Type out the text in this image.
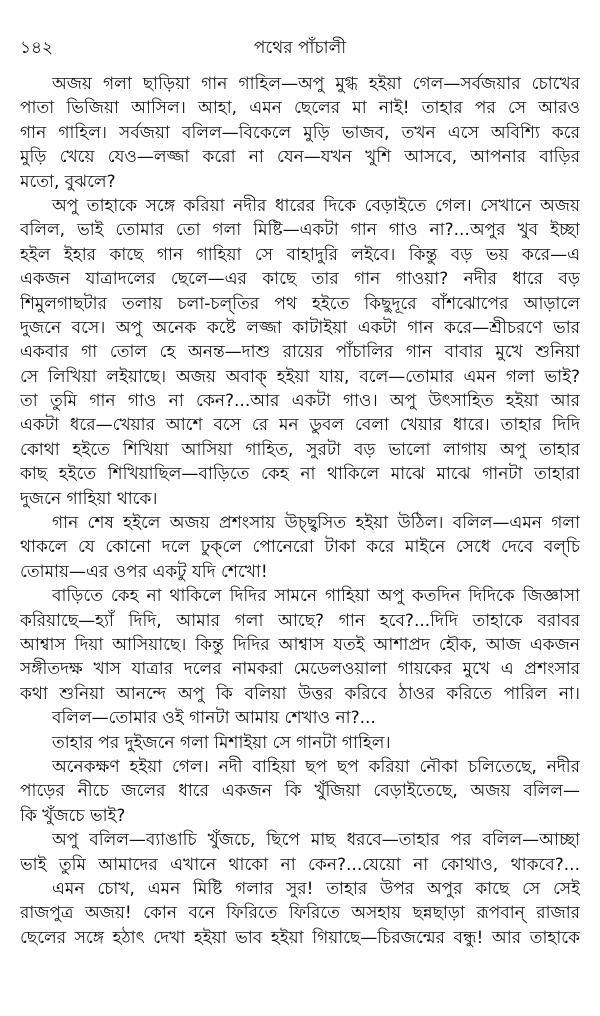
১৪২	পথের পাঁচালী
অজয় গলা ছাড়িয়া গান গাহিল—অপু মুগ্ধ হইয়া গেল—সর্বজয়ার চোখের
পাতা ভিজিয়া আসিল। আহা, এমন ছেলের মা নাই! তাহার পর সে আরও
গান গাহিল। সর্বজয়া বলিল—বিকেলে মুড়ি ভাজব, তখন এসে অবিশ্যি করে
মুড়ি খেয়ে যেও—লজ্জা করো না যেন—যখন খুশি আসবে, আপনার বাড়ির
মতো, বুঝলে?
অপু তাহাকে সঙ্গে করিয়া নদীর ধারের দিকে বেড়াইতে গেল। সেখানে অজয়
বলিল, ভাই তোমার তো গলা মিষ্টি—একটা গান গাও না?...অপুর খুব ইচ্ছা
হইল ইহার কাছে গান গাহিয়া সে বাহাদুরি লইবে। কিন্তু বড় ভয় করে—এ
একজন যাত্রাদলের ছেলে—এর কাছে তার গান গাওয়া? নদীর ধারে বড়
শিমুলগাছটার তলায় চলা-চল্‌তির পথ হইতে কিছুদূরে বাঁশঝোপের আড়ালে
দুজনে বসে। অপু অনেক কষ্টে লজ্জা কাটাইয়া একটা গান করে—শ্রীচরণে ভার
একবার গা তোল হে অনন্ত—দাশু রায়ের পাঁচালির গান বাবার মুখে শুনিয়া
সে লিখিয়া লইয়াছে। অজয় অবাক্ হইয়া যায়, বলে—তোমার এমন গলা ভাই?
তা তুমি গান গাও না কেন?...আর একটা গাও। অপু উৎসাহিত হইয়া আর
একটা ধরে—খেয়ার আশে বসে রে মন ডুবল বেলা খেয়ার ধারে। তাহার দিদি
কোথা হইতে শিখিয়া আসিয়া গাহিত, সুরটা বড় ভালো লাগায় অপু তাহার
কাছ হইতে শিখিয়াছিল—বাড়িতে কেহ না থাকিলে মাঝে মাঝে গানটা তাহারা
দুজনে গাহিয়া থাকে।
গান শেষ হইলে অজয় প্রশংসায় উচ্ছ্বসিত হইয়া উঠিল। বলিল—এমন গলা
থাকলে যে কোনো দলে ঢুক্‌লে পোনেরো টাকা করে মাইনে সেধে দেবে বল্‌চি
তোমায়—এর ওপর একটু যদি শেখো!
বাড়িতে কেহ না থাকিলে দিদির সামনে গাহিয়া অপু কতদিন দিদিকে জিজ্ঞাসা
করিয়াছে—হ্যাঁ দিদি, আমার গলা আছে? গান হবে?...দিদি তাহাকে বরাবর
আশ্বাস দিয়া আসিয়াছে। কিন্তু দিদির আশ্বাস যতই আশাপ্রদ হৌক, আজ একজন
সঙ্গীতদক্ষ খাস যাত্রার দলের নামকরা মেডেলওয়ালা গায়কের মুখে এ প্রশংসার
কথা শুনিয়া আনন্দে অপু কি বলিয়া উত্তর করিবে ঠাওর করিতে পারিল না।
বলিল—তোমার ওই গানটা আমায় শেখাও না?...
তাহার পর দুইজনে গলা মিশাইয়া সে গানটা গাহিল।
অনেকক্ষণ হইয়া গেল। নদী বাহিয়া ছপ ছপ করিয়া নৌকা চলিতেছে, নদীর
পাড়ের নীচে জলের ধারে একজন কি খুঁজিয়া বেড়াইতেছে, অজয় বলিল—
কি খুঁজচে ভাই?
অপু বলিল—ব্যাঙাচি খুঁজচে, ছিপে মাছ ধরবে—তাহার পর বলিল—আচ্ছা
ভাই তুমি আমাদের এখানে থাকো না কেন?...যেয়ো না কোথাও, থাকবে?...
এমন চোখ, এমন মিষ্টি গলার সুর! তাহার উপর অপুর কাছে সে সেই
রাজপুত্র অজয়! কোন বনে ফিরিতে ফিরিতে অসহায় ছন্নছাড়া রূপবান্ রাজার
ছেলের সঙ্গে হঠাৎ দেখা হইয়া ভাব হইয়া গিয়াছে—চিরজন্মের বন্ধু! আর তাহাকে
